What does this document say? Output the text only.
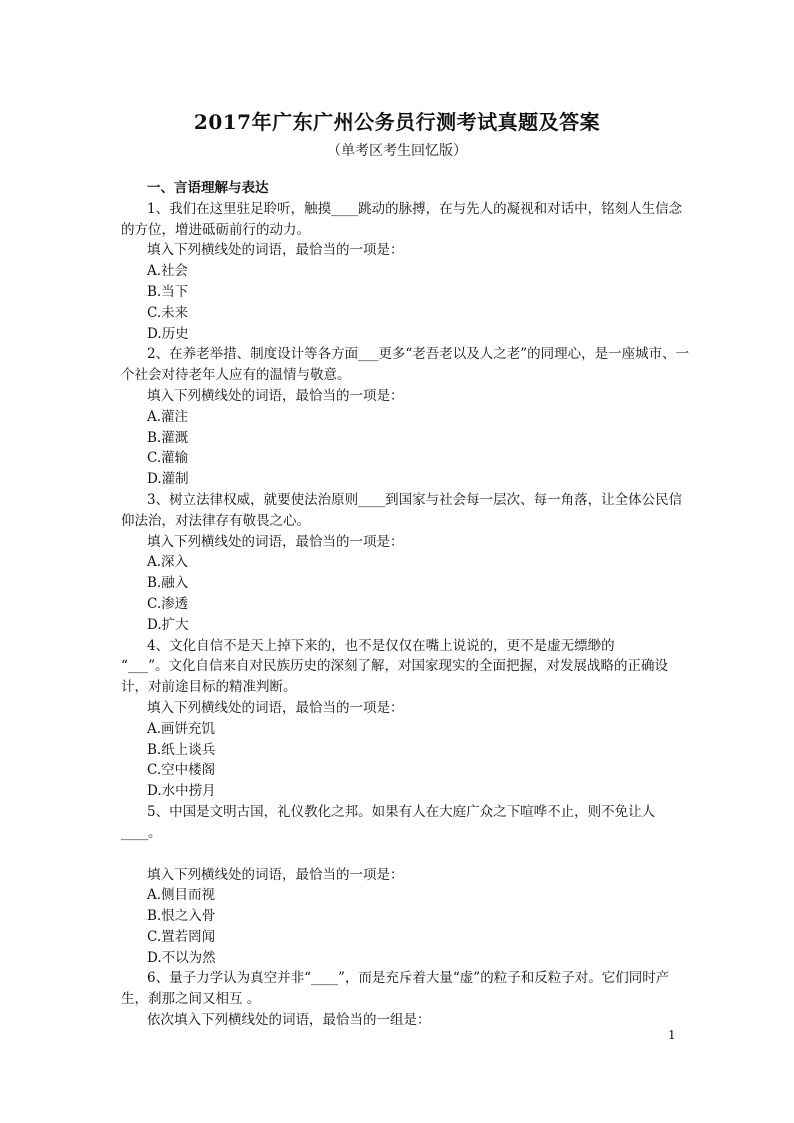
2017年广东广州公务员行测考试真题及答案
（单考区考生回忆版）
一、言语理解与表达
1、我们在这里驻足聆听，触摸____跳动的脉搏，在与先人的凝视和对话中，铭刻人生信念的方位，增进砥砺前行的动力。
填入下列横线处的词语，最恰当的一项是：
A.社会
B.当下
C.未来
D.历史
2、在养老举措、制度设计等各方面___更多“老吾老以及人之老”的同理心，是一座城市、一个社会对待老年人应有的温情与敬意。
填入下列横线处的词语，最恰当的一项是：
A.灌注
B.灌溉
C.灌输
D.灌制
3、树立法律权威，就要使法治原则____到国家与社会每一层次、每一角落，让全体公民信仰法治，对法律存有敬畏之心。
填入下列横线处的词语，最恰当的一项是：
A.深入
B.融入
C.渗透
D.扩大
4、文化自信不是天上掉下来的，也不是仅仅在嘴上说说的，更不是虚无缥缈的
“___”。文化自信来自对民族历史的深刻了解，对国家现实的全面把握，对发展战略的正确设计，对前途目标的精准判断。
填入下列横线处的词语，最恰当的一项是：
A.画饼充饥
B.纸上谈兵
C.空中楼阁
D.水中捞月
5、中国是文明古国，礼仪教化之邦。如果有人在大庭广众之下喧哗不止，则不免让人____。
填入下列横线处的词语，最恰当的一项是：
A.侧目而视
B.恨之入骨
C.置若罔闻
D.不以为然
6、量子力学认为真空并非“____”，而是充斥着大量“虚”的粒子和反粒子对。它们同时产生，刹那之间又相互 。
依次填入下列横线处的词语，最恰当的一组是：
1
